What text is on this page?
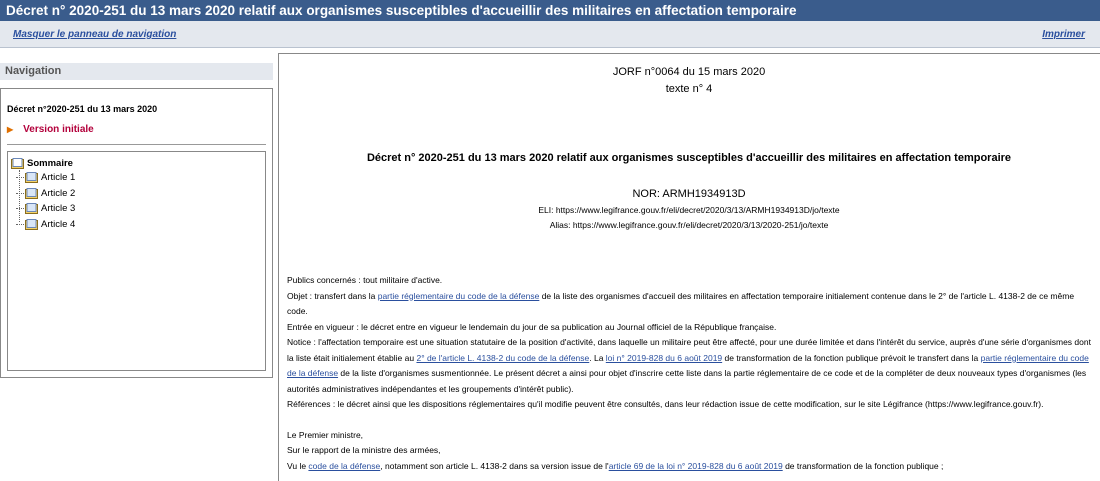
Décret n° 2020-251 du 13 mars 2020 relatif aux organismes susceptibles d'accueillir des militaires en affectation temporaire
Masquer le panneau de navigation	Imprimer
Navigation
Décret n°2020-251 du 13 mars 2020
▶ Version initiale
Sommaire
Article 1
Article 2
Article 3
Article 4
JORF n°0064 du 15 mars 2020
texte n° 4
Décret n° 2020-251 du 13 mars 2020 relatif aux organismes susceptibles d'accueillir des militaires en affectation temporaire
NOR: ARMH1934913D
ELI: https://www.legifrance.gouv.fr/eli/decret/2020/3/13/ARMH1934913D/jo/texte
Alias: https://www.legifrance.gouv.fr/eli/decret/2020/3/13/2020-251/jo/texte

Publics concernés : tout militaire d'active.

Objet : transfert dans la partie réglementaire du code de la défense de la liste des organismes d'accueil des militaires en affectation temporaire initialement contenue dans le 2° de l'article L. 4138-2 de ce même code.

Entrée en vigueur : le décret entre en vigueur le lendemain du jour de sa publication au Journal officiel de la République française.

Notice : l'affectation temporaire est une situation statutaire de la position d'activité, dans laquelle un militaire peut être affecté, pour une durée limitée et dans l'intérêt du service, auprès d'une série d'organismes dont la liste était initialement établie au 2° de l'article L. 4138-2 du code de la défense. La loi n° 2019-828 du 6 août 2019 de transformation de la fonction publique prévoit le transfert dans la partie réglementaire du code de la défense de la liste d'organismes susmentionnée. Le présent décret a ainsi pour objet d'inscrire cette liste dans la partie réglementaire de ce code et de la compléter de deux nouveaux types d'organismes (les autorités administratives indépendantes et les groupements d'intérêt public).

Références : le décret ainsi que les dispositions réglementaires qu'il modifie peuvent être consultés, dans leur rédaction issue de cette modification, sur le site Légifrance (https://www.legifrance.gouv.fr).

Le Premier ministre,

Sur le rapport de la ministre des armées,

Vu le code de la défense, notamment son article L. 4138-2 dans sa version issue de l'article 69 de la loi n° 2019-828 du 6 août 2019 de transformation de la fonction publique ;
